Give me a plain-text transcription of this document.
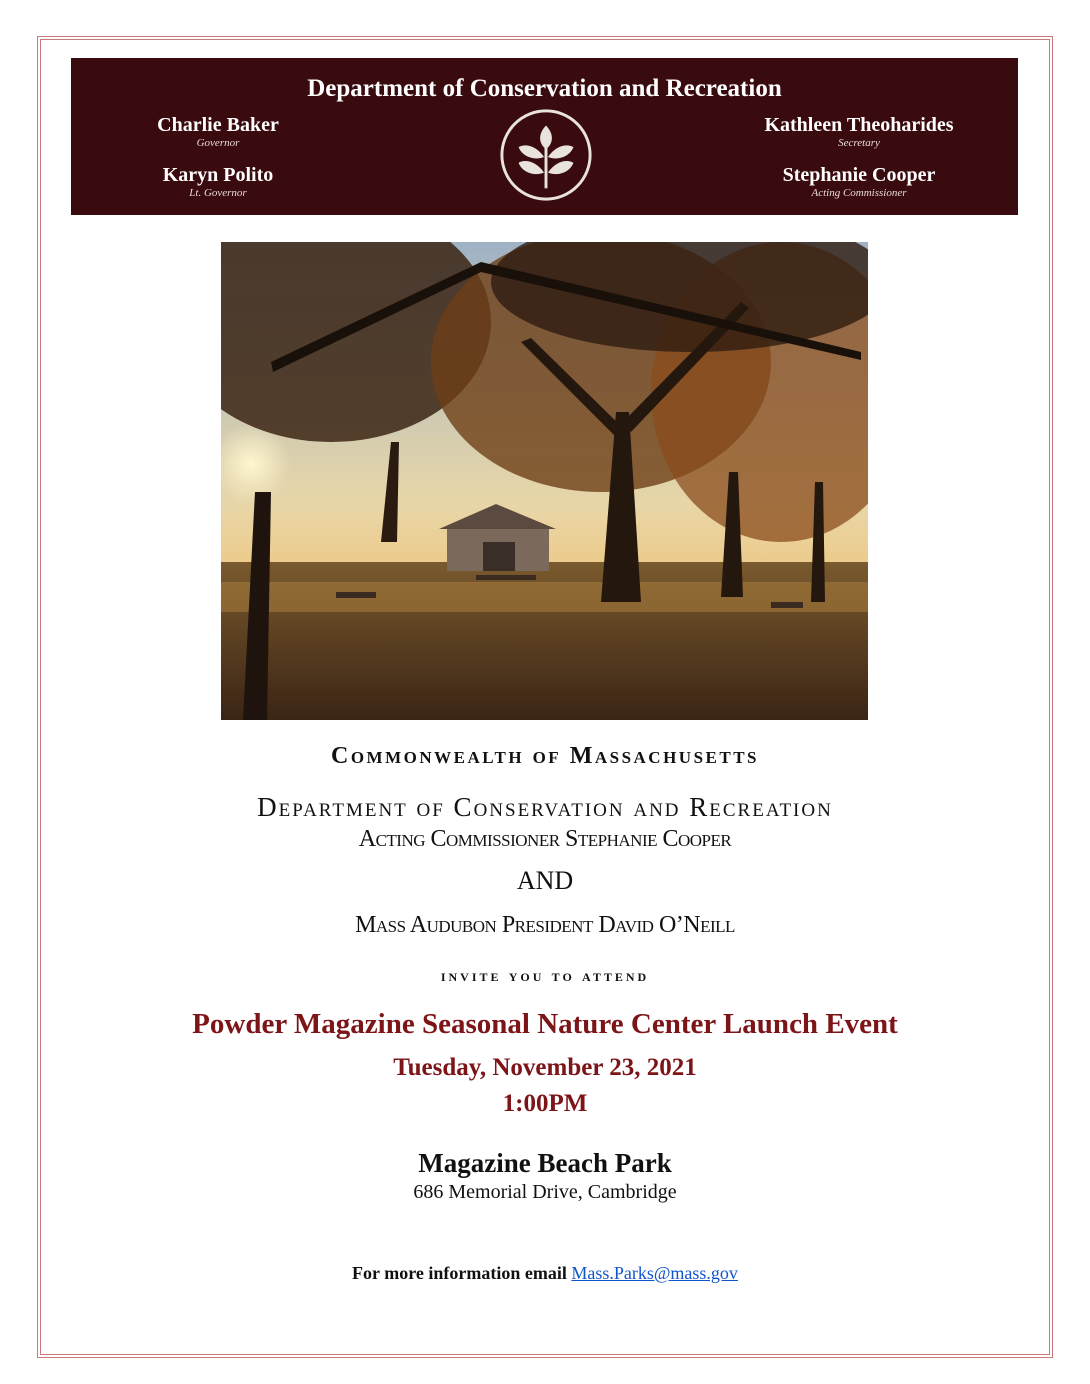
Department of Conservation and Recreation
Charlie Baker
Governor
Karyn Polito
Lt. Governor
Kathleen Theoharides
Secretary
Stephanie Cooper
Acting Commissioner
Commonwealth of Massachusetts
Department of Conservation and Recreation
Acting Commissioner Stephanie Cooper
AND
Mass Audubon President David O’Neill
invite you to attend
Powder Magazine Seasonal Nature Center Launch Event
Tuesday, November 23, 2021
1:00PM
Magazine Beach Park
686 Memorial Drive, Cambridge
For more information email Mass.Parks@mass.gov
